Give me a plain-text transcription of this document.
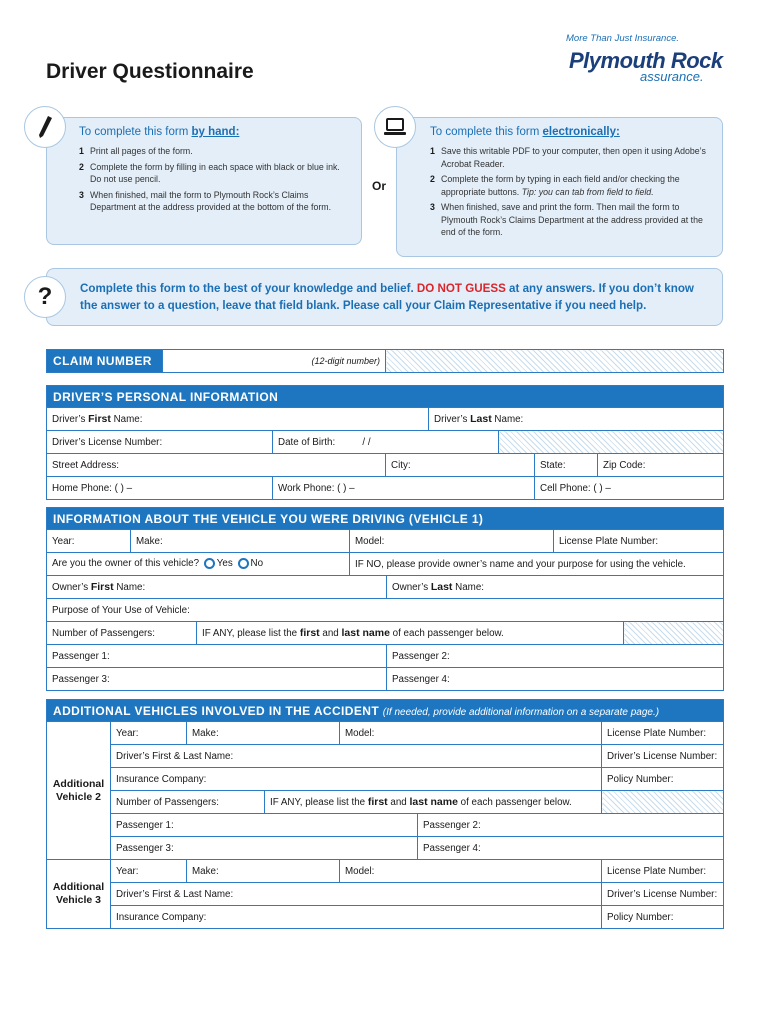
Driver Questionnaire
More Than Just Insurance.
Plymouth Rock
assurance.
To complete this form by hand:
1 Print all pages of the form.
2 Complete the form by filling in each space with black or blue ink. Do not use pencil.
3 When finished, mail the form to Plymouth Rock’s Claims Department at the address provided at the bottom of the form.
Or
To complete this form electronically:
1 Save this writable PDF to your computer, then open it using Adobe’s Acrobat Reader.
2 Complete the form by typing in each field and/or checking the appropriate buttons. Tip: you can tab from field to field.
3 When finished, save and print the form. Then mail the form to Plymouth Rock’s Claims Department at the address provided at the end of the form.
? Complete this form to the best of your knowledge and belief. DO NOT GUESS at any answers. If you don’t know the answer to a question, leave that field blank. Please call your Claim Representative if you need help.
CLAIM NUMBER	(12-digit number)	
DRIVER’S PERSONAL INFORMATION						
Driver’s First Name:			Driver’s Last Name:			
Driver’s License Number:	Date of Birth: / /					
Street Address:		City:			State:	Zip Code:
Home Phone: ( ) –	Work Phone: ( ) –				Cell Phone: ( ) –	
INFORMATION ABOUT THE VEHICLE YOU WERE DRIVING (VEHICLE 1)						
Year:	Make:		Model:		License Plate Number:	
Are you the owner of this vehicle? Yes No			IF NO, please provide owner’s name and your purpose for using the vehicle.			
Owner’s First Name:				Owner’s Last Name:		
Purpose of Your Use of Vehicle:						
Number of Passengers:		IF ANY, please list the first and last name of each passenger below.				
Passenger 1:				Passenger 2:		
Passenger 3:				Passenger 4:		
ADDITIONAL VEHICLES INVOLVED IN THE ACCIDENT (If needed, provide additional information on a separate page.)						
Additional Vehicle 2	Year:	Make:		Model:		License Plate Number:
	Driver’s First & Last Name:					Driver’s License Number:
	Insurance Company:					Policy Number:
	Number of Passengers:		IF ANY, please list the first and last name of each passenger below.			
	Passenger 1:				Passenger 2:	
	Passenger 3:				Passenger 4:	
Additional Vehicle 3	Year:	Make:		Model:		License Plate Number:
	Driver’s First & Last Name:					Driver’s License Number:
	Insurance Company:					Policy Number:
